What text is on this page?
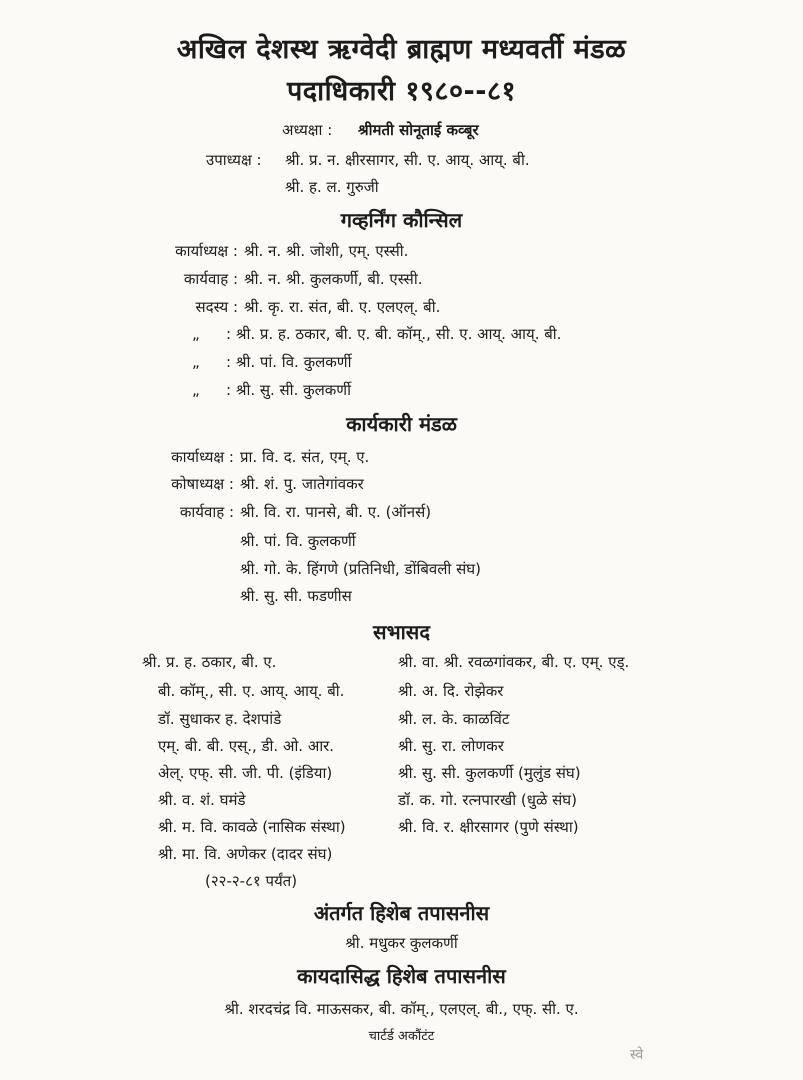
अखिल देशस्थ ऋग्वेदी ब्राह्मण मध्यवर्ती मंडळ
पदाधिकारी १९८०--८१
अध्यक्षा : श्रीमती सोनूताई कव्बूर
उपाध्यक्ष : श्री. प्र. न. क्षीरसागर, सी. ए. आय्. आय्. बी.
श्री. ह. ल. गुरुजी
गव्हर्निंग कौन्सिल
कार्याध्यक्ष : श्री. न. श्री. जोशी, एम्. एस्सी.
कार्यवाह : श्री. न. श्री. कुलकर्णी, बी. एस्सी.
सदस्य : श्री. कृ. रा. संत, बी. ए. एलएल्. बी.
„ : श्री. प्र. ह. ठकार, बी. ए. बी. कॉम्., सी. ए. आय्. आय्. बी.
„ : श्री. पां. वि. कुलकर्णी
„ : श्री. सु. सी. कुलकर्णी
कार्यकारी मंडळ
कार्याध्यक्ष : प्रा. वि. द. संत, एम्. ए.
कोषाध्यक्ष : श्री. शं. पु. जातेगांवकर
कार्यवाह : श्री. वि. रा. पानसे, बी. ए. (ऑनर्स)
श्री. पां. वि. कुलकर्णी
श्री. गो. के. हिंगणे (प्रतिनिधी, डोंबिवली संघ)
श्री. सु. सी. फडणीस
सभासद
श्री. प्र. ह. ठकार, बी. ए.
बी. कॉम्., सी. ए. आय्. आय्. बी.
डॉ. सुधाकर ह. देशपांडे
एम्. बी. बी. एस्., डी. ओ. आर.
अेल्. एफ्. सी. जी. पी. (इंडिया)
श्री. व. शं. घमंडे
श्री. म. वि. कावळे (नासिक संस्था)
श्री. मा. वि. अणेकर (दादर संघ)
(२२-२-८१ पर्यंत)
श्री. वा. श्री. रवळगांवकर, बी. ए. एम्. एड्.
श्री. अ. दि. रोझेकर
श्री. ल. के. काळविंट
श्री. सु. रा. लोणकर
श्री. सु. सी. कुलकर्णी (मुलुंड संघ)
डॉ. क. गो. रत्नपारखी (धुळे संघ)
श्री. वि. र. क्षीरसागर (पुणे संस्था)
अंतर्गत हिशेब तपासनीस
श्री. मधुकर कुलकर्णी
कायदासिद्ध हिशेब तपासनीस
श्री. शरदचंद्र वि. माऊसकर, बी. कॉम्., एलएल्. बी., एफ्. सी. ए.
चार्टर्ड अकौंटंट
स्वे
